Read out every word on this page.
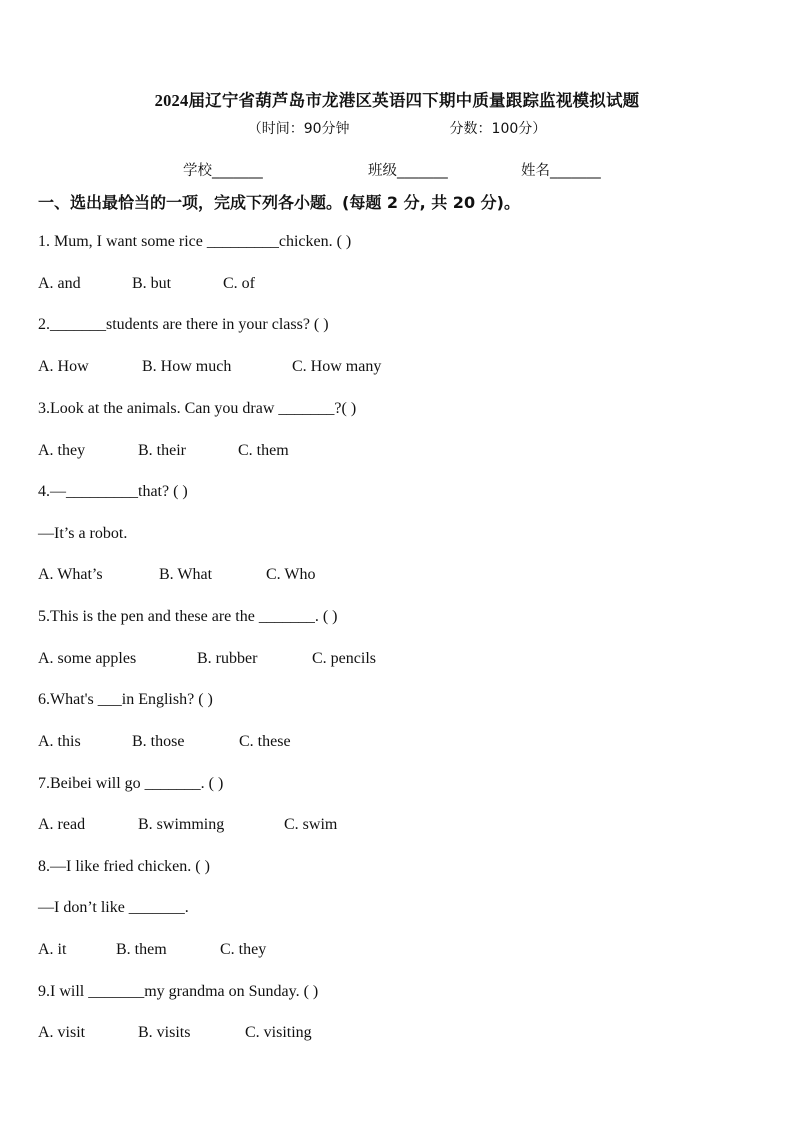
2024届辽宁省葫芦岛市龙港区英语四下期中质量跟踪监视模拟试题
（时间：90分钟	分数：100分）
学校_______	班级_______	姓名_______
一、选出最恰当的一项，完成下列各小题。(每题 2 分, 共 20 分)。
1. Mum, I want some rice _________chicken. ( )
A. and	B. but	C. of
2._______students are there in your class? ( )
A. How	B. How much	C. How many
3.Look at the animals. Can you draw _______?( )
A. they	B. their	C. them
4.—_________that? ( )
—It’s a robot.
A. What’s	B. What	C. Who
5.This is the pen and these are the _______. ( )
A. some apples	B. rubber	C. pencils
6.What's ___in English? ( )
A. this	B. those	C. these
7.Beibei will go _______. ( )
A. read	B. swimming	C. swim
8.—I like fried chicken. ( )
—I don’t like _______.
A. it	B. them	C. they
9.I will _______my grandma on Sunday. ( )
A. visit	B. visits	C. visiting
